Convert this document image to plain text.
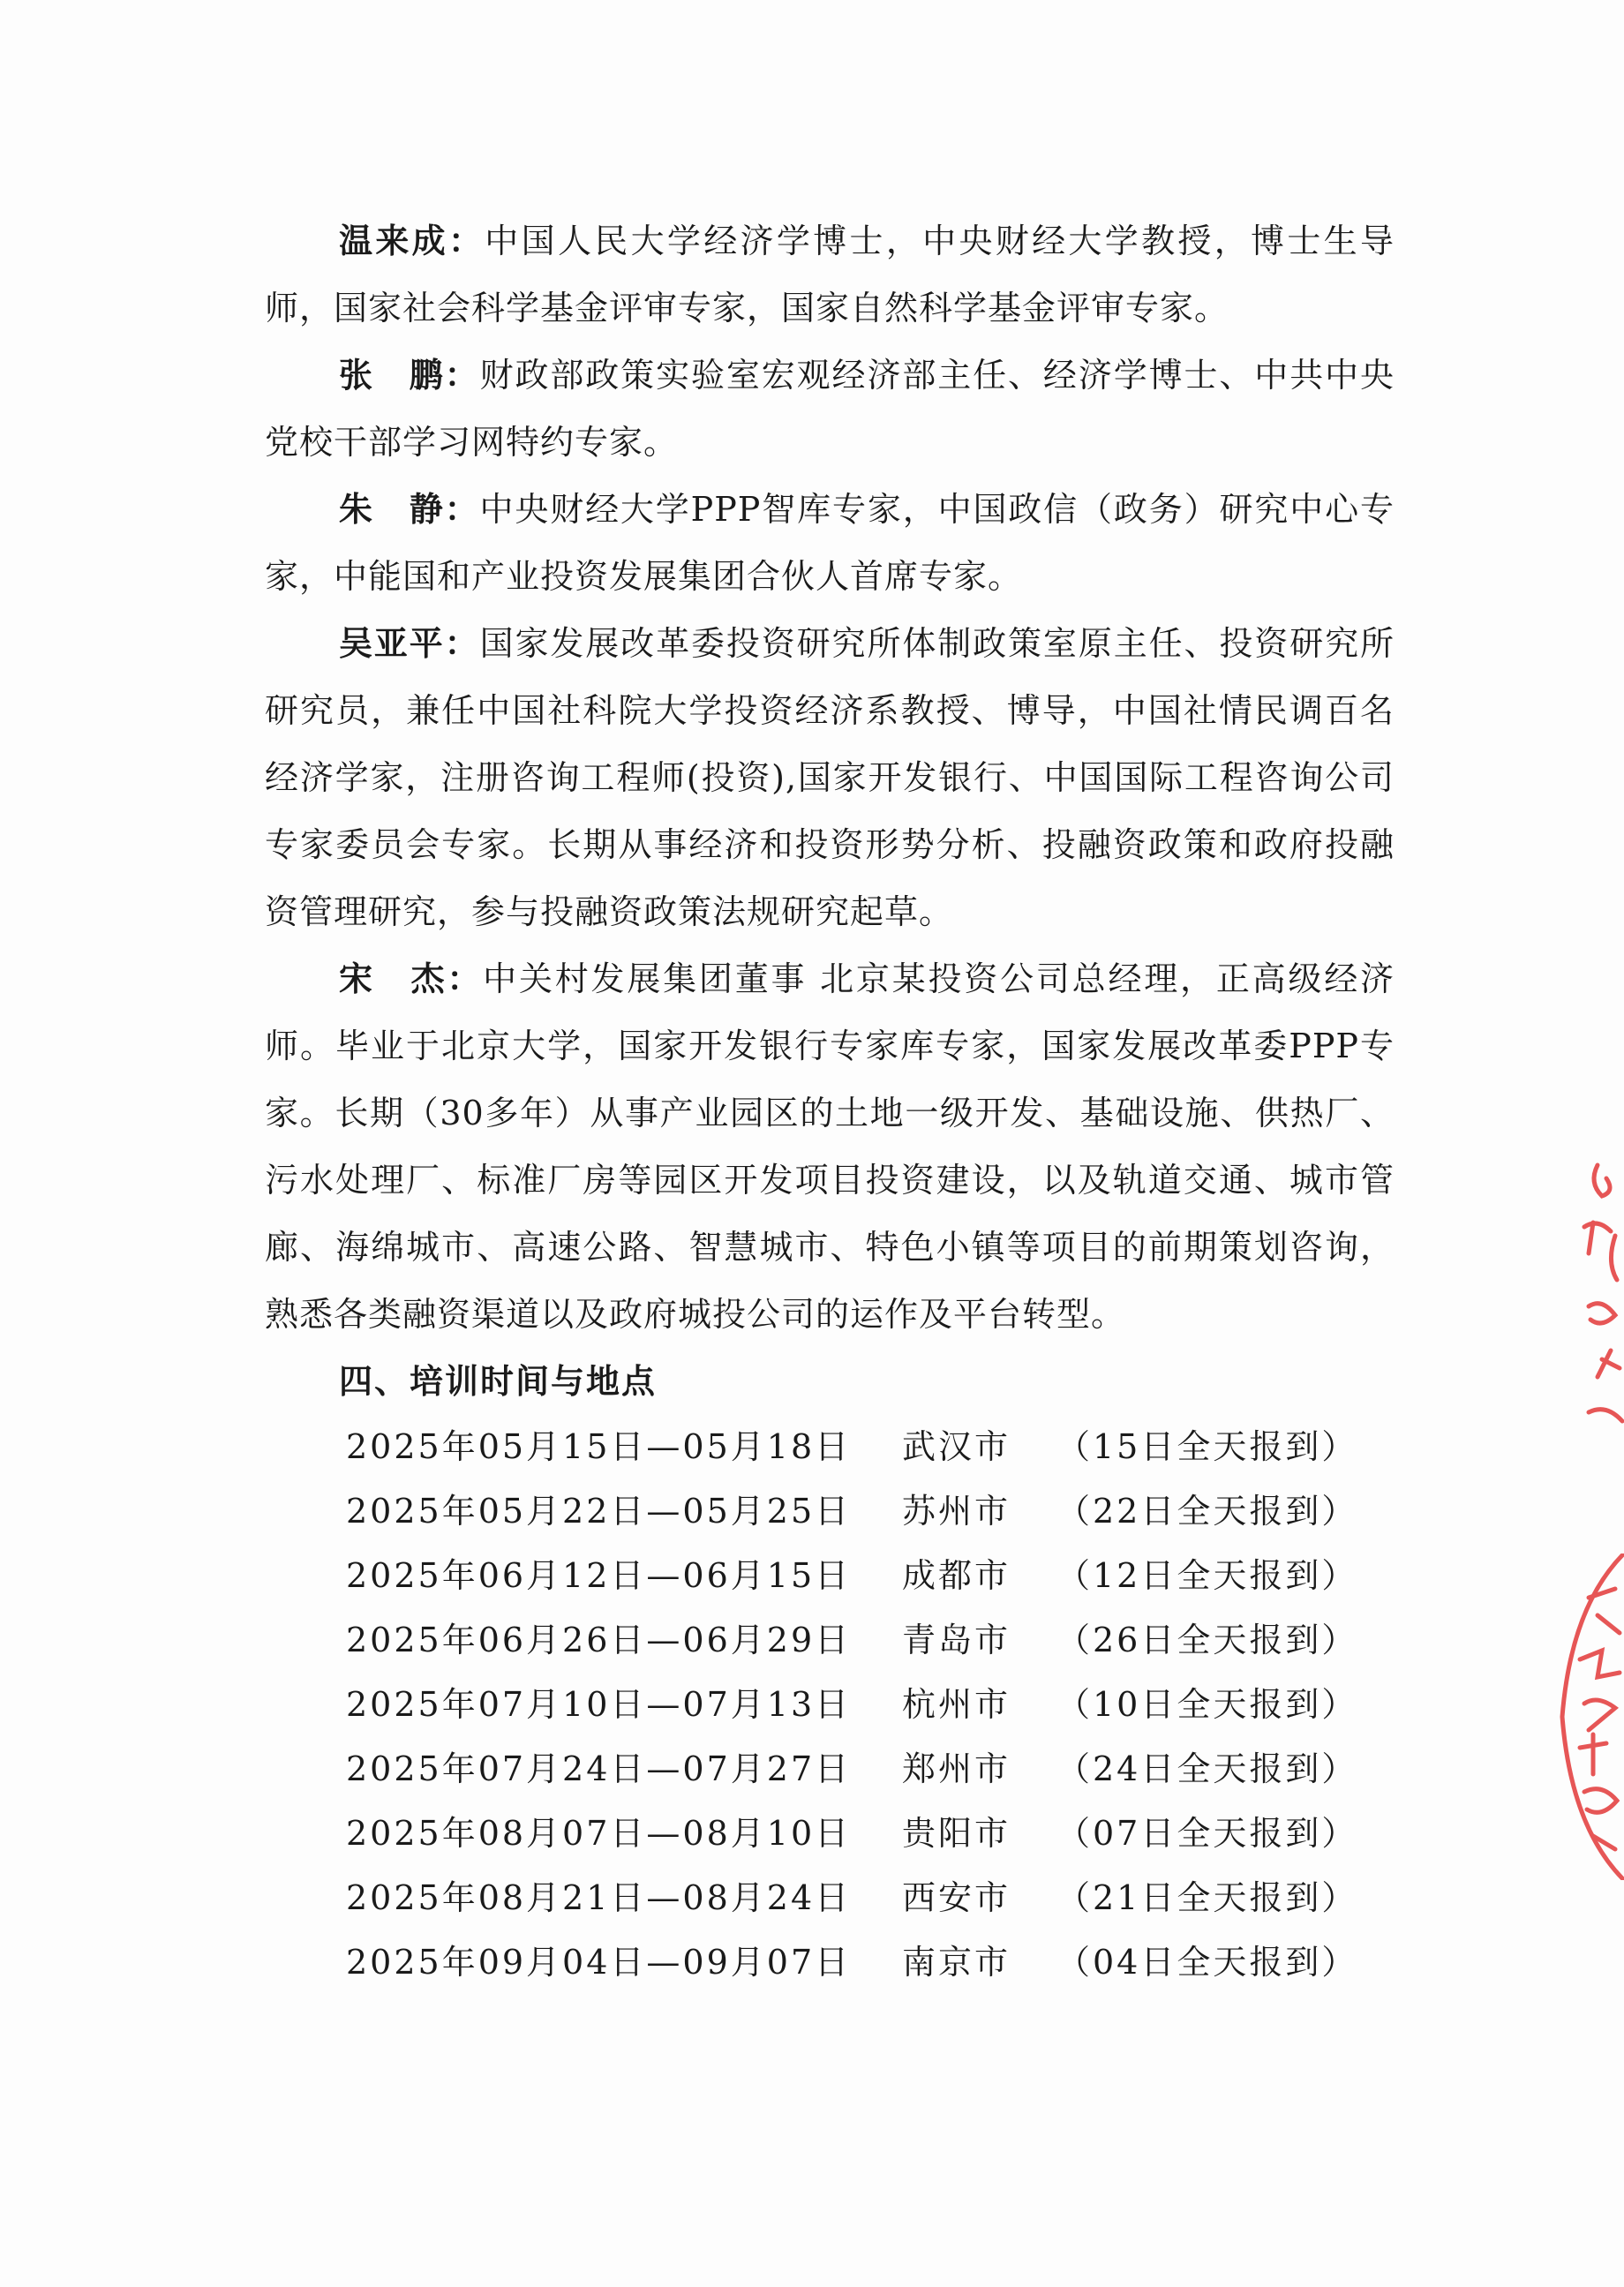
温来成：中国人民大学经济学博士，中央财经大学教授，博士生导师，国家社会科学基金评审专家，国家自然科学基金评审专家。

张　鹏：财政部政策实验室宏观经济部主任、经济学博士、中共中央党校干部学习网特约专家。

朱　静：中央财经大学PPP智库专家，中国政信（政务）研究中心专家，中能国和产业投资发展集团合伙人首席专家。

吴亚平：国家发展改革委投资研究所体制政策室原主任、投资研究所研究员，兼任中国社科院大学投资经济系教授、博导，中国社情民调百名经济学家，注册咨询工程师(投资),国家开发银行、中国国际工程咨询公司专家委员会专家。长期从事经济和投资形势分析、投融资政策和政府投融资管理研究，参与投融资政策法规研究起草。

宋　杰：中关村发展集团董事 北京某投资公司总经理，正高级经济师。毕业于北京大学，国家开发银行专家库专家，国家发展改革委PPP专家。长期（30多年）从事产业园区的土地一级开发、基础设施、供热厂、污水处理厂、标准厂房等园区开发项目投资建设，以及轨道交通、城市管廊、海绵城市、高速公路、智慧城市、特色小镇等项目的前期策划咨询，熟悉各类融资渠道以及政府城投公司的运作及平台转型。

四、培训时间与地点

2025年05月15日—05月18日	武汉市	（15日全天报到）
2025年05月22日—05月25日	苏州市	（22日全天报到）
2025年06月12日—06月15日	成都市	（12日全天报到）
2025年06月26日—06月29日	青岛市	（26日全天报到）
2025年07月10日—07月13日	杭州市	（10日全天报到）
2025年07月24日—07月27日	郑州市	（24日全天报到）
2025年08月07日—08月10日	贵阳市	（07日全天报到）
2025年08月21日—08月24日	西安市	（21日全天报到）
2025年09月04日—09月07日	南京市	（04日全天报到）
